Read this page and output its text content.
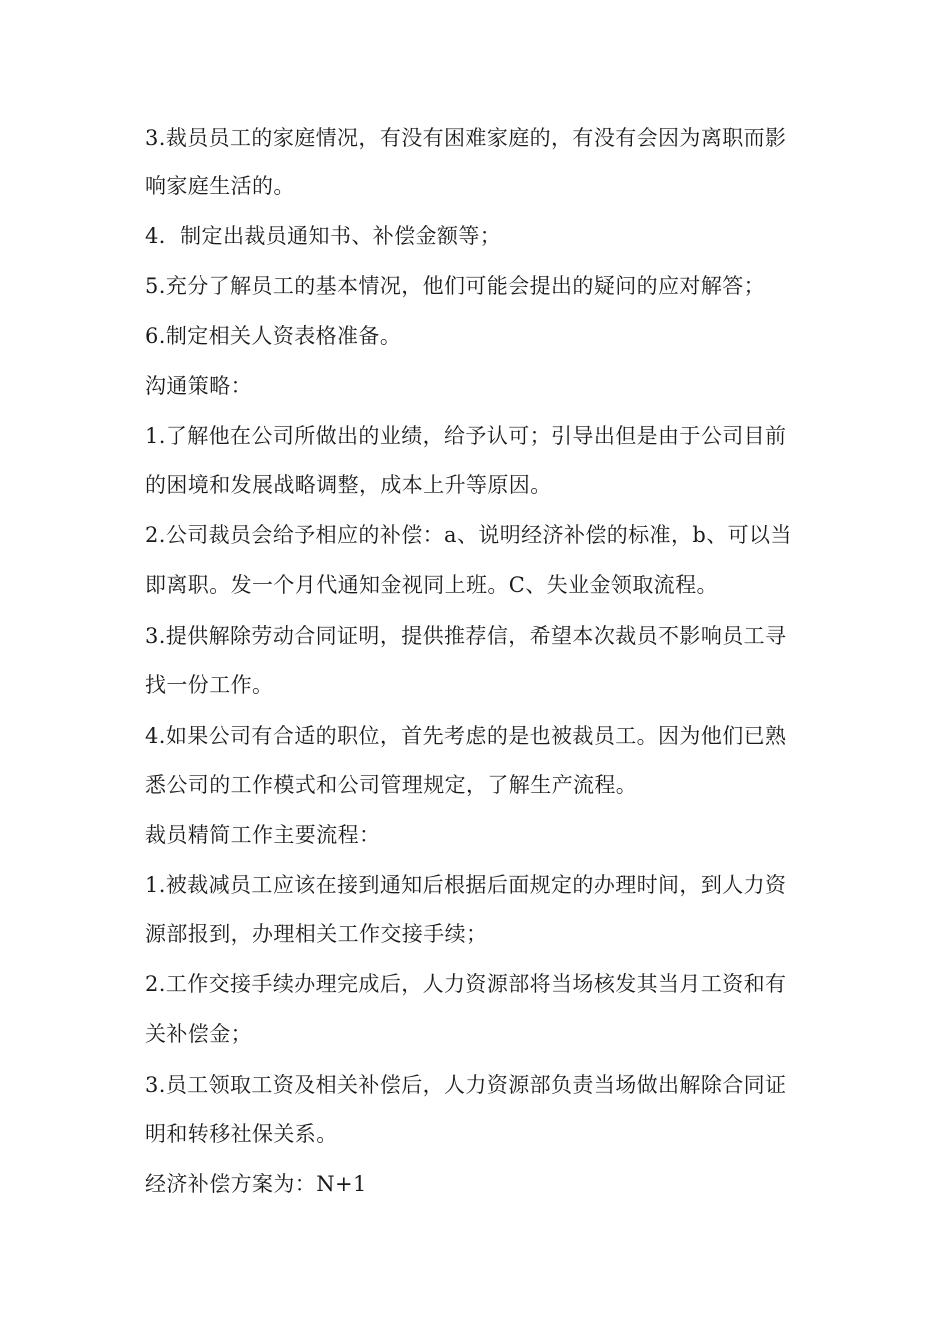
3.裁员员工的家庭情况，有没有困难家庭的，有没有会因为离职而影
响家庭生活的。
4．制定出裁员通知书、补偿金额等；
5.充分了解员工的基本情况，他们可能会提出的疑问的应对解答；
6.制定相关人资表格准备。
沟通策略：
1.了解他在公司所做出的业绩，给予认可；引导出但是由于公司目前
的困境和发展战略调整，成本上升等原因。
2.公司裁员会给予相应的补偿：a、说明经济补偿的标准，b、可以当
即离职。发一个月代通知金视同上班。C、失业金领取流程。
3.提供解除劳动合同证明，提供推荐信，希望本次裁员不影响员工寻
找一份工作。
4.如果公司有合适的职位，首先考虑的是也被裁员工。因为他们已熟
悉公司的工作模式和公司管理规定，了解生产流程。
裁员精简工作主要流程：
1.被裁减员工应该在接到通知后根据后面规定的办理时间，到人力资
源部报到，办理相关工作交接手续；
2.工作交接手续办理完成后，人力资源部将当场核发其当月工资和有
关补偿金；
3.员工领取工资及相关补偿后，人力资源部负责当场做出解除合同证
明和转移社保关系。
经济补偿方案为：N+1
